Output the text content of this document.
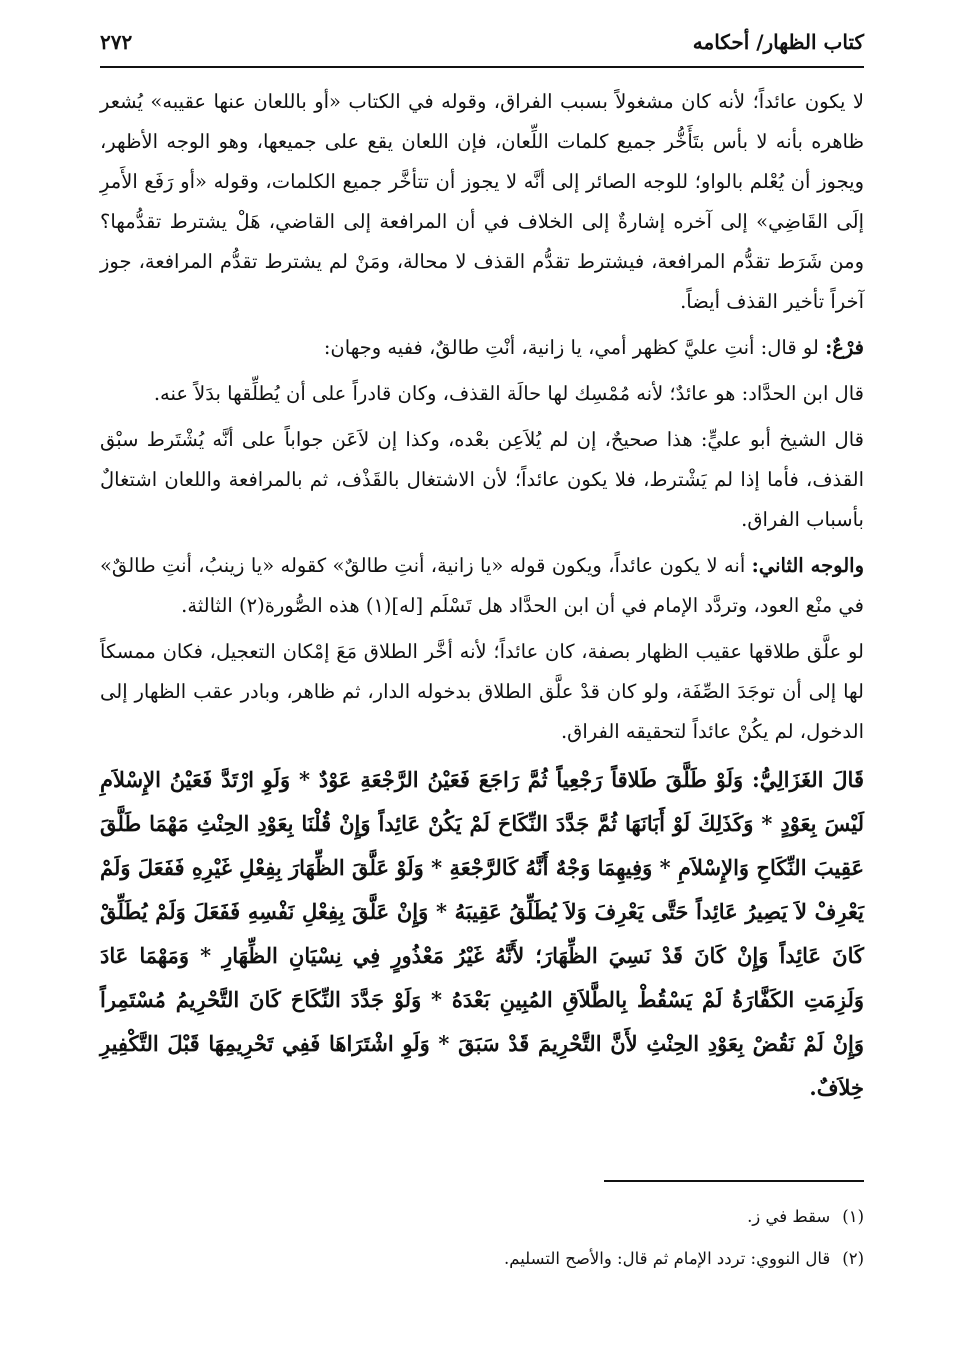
كتاب الظهار/ أحكامه
٢٧٢

لا يكون عائداً؛ لأنه كان مشغولاً بسبب الفراق، وقوله في الكتاب «أو باللعان عنها عقيبه» يُشعر ظاهره بأنه لا بأس بتَأَخُّر جميع كلمات اللِّعان، فإن اللعان يقع على جميعها، وهو الوجه الأظهر، ويجوز أن يُعْلم بالواو؛ للوجه الصائر إلى أنَّه لا يجوز أن تتأخَّر جميع الكلمات، وقوله «أو رَفَع الأَمرِ إلَى القَاضِي» إلى آخره إشارةٌ إلى الخلاف في أن المرافعة إلى القاضي، هَلْ يشترط تقدُّمها؟ ومن شَرَط تقدُّم المرافعة، فيشترط تقدُّم القذف لا محالة، ومَنْ لم يشترط تقدُّم المرافعة، جوز آخراً تأخير القذف أيضاً.

فرْعٌ: لو قال: أنتِ عليَّ كظهر أمي، يا زانية، أنْتِ طالقٌ، ففيه وجهان:

قال ابن الحدَّاد: هو عائدٌ؛ لأنه مُمْسِك لها حالَة القذف، وكان قادراً على أن يُطلِّقها بدَلاً عنه.

قال الشيخ أبو عليٍّ: هذا صحيحٌ، إن لم يُلاَعِن بعْده، وكذا إن لاَعَن جواباً على أنَّه يُشْتَرط سبْق القذف، فأما إذا لم يَشْترط، فلا يكون عائداً؛ لأن الاشتغال بالقَذْف، ثم بالمرافعة واللعان اشتغالٌ بأسباب الفراق.

والوجه الثاني: أنه لا يكون عائداً، ويكون قوله «يا زانية، أنتِ طالقٌ» كقوله «يا زينبُ، أنتِ طالقٌ» في منْع العود، وتردَّد الإمام في أن ابن الحدَّاد هل تَسْلَم [له](١) هذه الصُّورة(٢) الثالثة.

لو علَّق طلاقها عقيب الظهار بصفة، كان عائداً؛ لأنه أخَّر الطلاق مَعَ إمْكان التعجيل، فكان ممسكاً لها إلى أن توجَدَ الصِّفَة، ولو كان قدْ علَّق الطلاق بدخوله الدار، ثم ظاهر، وبادر عقب الظهار إلى الدخول، لم يكُنْ عائداً لتحقيقه الفراق.

قَالَ الغَزَالِيُّ: وَلَوْ طَلَّقَ طَلاقاً رَجْعِياً ثُمَّ رَاجَعَ فَعَيْنُ الرَّجْعَةِ عَوْدٌ * وَلَوِ ارْتَدَّ فَعَيْنُ الإِسْلاَمِ لَيْسَ بِعَوْدٍ * وَكَذَلِكَ لَوْ أَبَانَهَا ثُمَّ جَدَّدَ النِّكَاحَ لَمْ يَكُنْ عَائِداً وَإِنْ قُلْنَا بِعَوْدِ الحِنْثِ مَهْمَا طَلَّقَ عَقِيبَ النِّكَاحِ وَالإِسْلاَمِ * وَفِيهِمَا وَجْهٌ أَنَّهُ كَالرَّجْعَةِ * وَلَوْ عَلَّقَ الظِّهَارَ بِفِعْلِ غَيْرِهِ فَفَعَلَ وَلَمْ يَعْرِفْ لاَ يَصِيرُ عَائِداً حَتَّى يَعْرِفَ وَلاَ يُطَلِّقُ عَقِيبَهُ * وَإِنْ عَلَّقَ بِفِعْلِ نَفْسِهِ فَفَعَلَ وَلَمْ يُطَلِّقْ كَانَ عَائِداً وَإِنْ كَانَ قَدْ نَسِيَ الظِّهَارَ؛ لأَنَّهُ غَيْرُ مَعْذُورٍ فِي نِسْيَانِ الظِّهَارِ * وَمَهْمَا عَادَ وَلَزِمَتِ الكَفَّارَةُ لَمْ يَسْقُطْ بِالطَّلاَقِ المُبِينِ بَعْدَهُ * وَلَوْ جَدَّدَ النِّكَاحَ كَانَ التَّحْرِيمُ مُسْتَمِراً وَإِنْ لَمْ نَقُضْ بِعَوْدِ الحِنْثِ لأَنَّ التَّحْرِيمَ قَدْ سَبَقَ * وَلَوِ اشْتَرَاهَا فَفِي تَحْرِيمِهَا قَبْلَ التَّكْفِيرِ خِلاَفٌ.

(١)سقط في ز.

(٢)قال النووي: تردد الإمام ثم قال: والأصح التسليم.
